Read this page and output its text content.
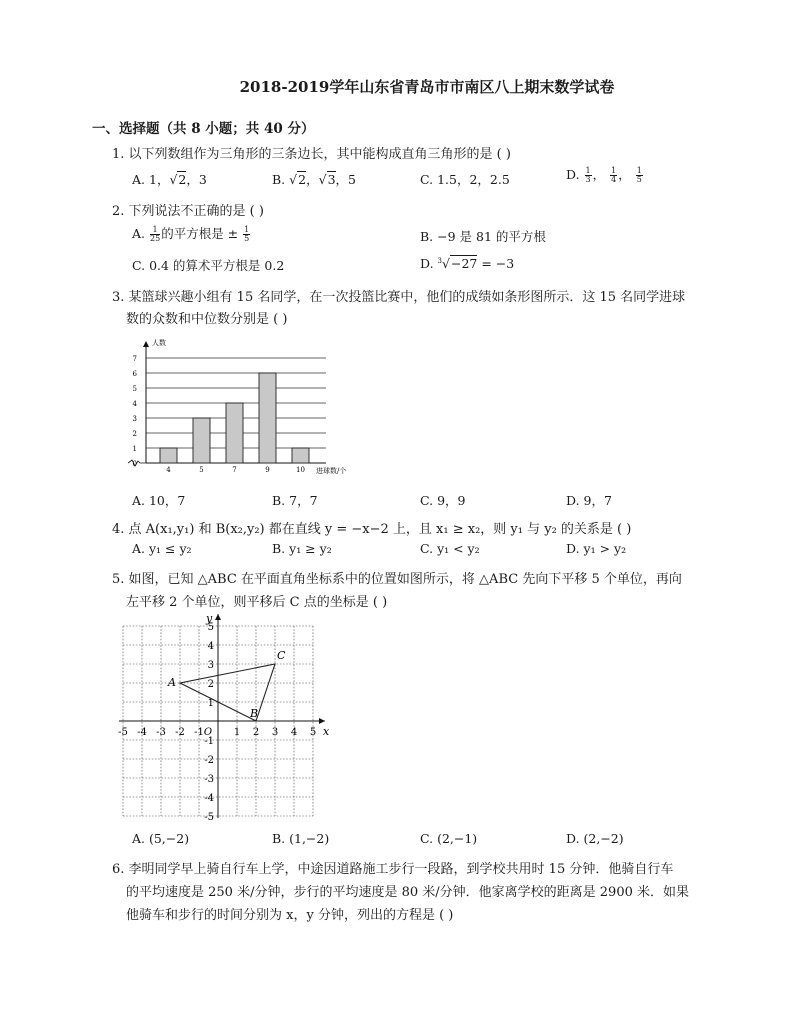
2018-2019学年山东省青岛市市南区八上期末数学试卷
一、选择题（共 8 小题；共 40 分）
1. 以下列数组作为三角形的三条边长，其中能构成直角三角形的是 ( )
A. 1，√2，3	B. √2，√3，5	C. 1.5，2，2.5	D. $\frac{1}{3}$ ， $\frac{1}{4}$ ， $\frac{1}{5}$
2. 下列说法不正确的是 ( )
A. $\frac{1}{25}$ 的平方根是 ± $\frac{1}{5}$	B. −9 是 81 的平方根
C. 0.4 的算术平方根是 0.2	D. $^3$√−27 = −3
3. 某篮球兴趣小组有 15 名同学，在一次投篮比赛中，他们的成绩如条形图所示．这 15 名同学进球
数的众数和中位数分别是 ( )
0
1
2
3
4
5
6
7
人数
4	5	7	9	10 进球数/个
A. 10，7	B. 7，7	C. 9，9	D. 9，7
4. 点 A(x₁,y₁) 和 B(x₂,y₂) 都在直线 y = −x−2 上，且 x₁ ≥ x₂，则 y₁ 与 y₂ 的关系是 ( )
A. y₁ ≤ y₂	B. y₁ ≥ y₂	C. y₁ < y₂	D. y₁ > y₂
5. 如图，已知 △ABC 在平面直角坐标系中的位置如图所示，将 △ABC 先向下平移 5 个单位，再向
左平移 2 个单位，则平移后 C 点的坐标是 ( )
x
y
-5 -4 -3 -2 -1	1 2 3 4 5
5
4
3
2
1
-1
-2
-3
-4
-5
O
A
B
C
A. (5,−2)	B. (1,−2)	C. (2,−1)	D. (2,−2)
6. 李明同学早上骑自行车上学，中途因道路施工步行一段路，到学校共用时 15 分钟．他骑自行车
的平均速度是 250 米/分钟，步行的平均速度是 80 米/分钟．他家离学校的距离是 2900 米．如果
他骑车和步行的时间分别为 x，y 分钟，列出的方程是 ( )
